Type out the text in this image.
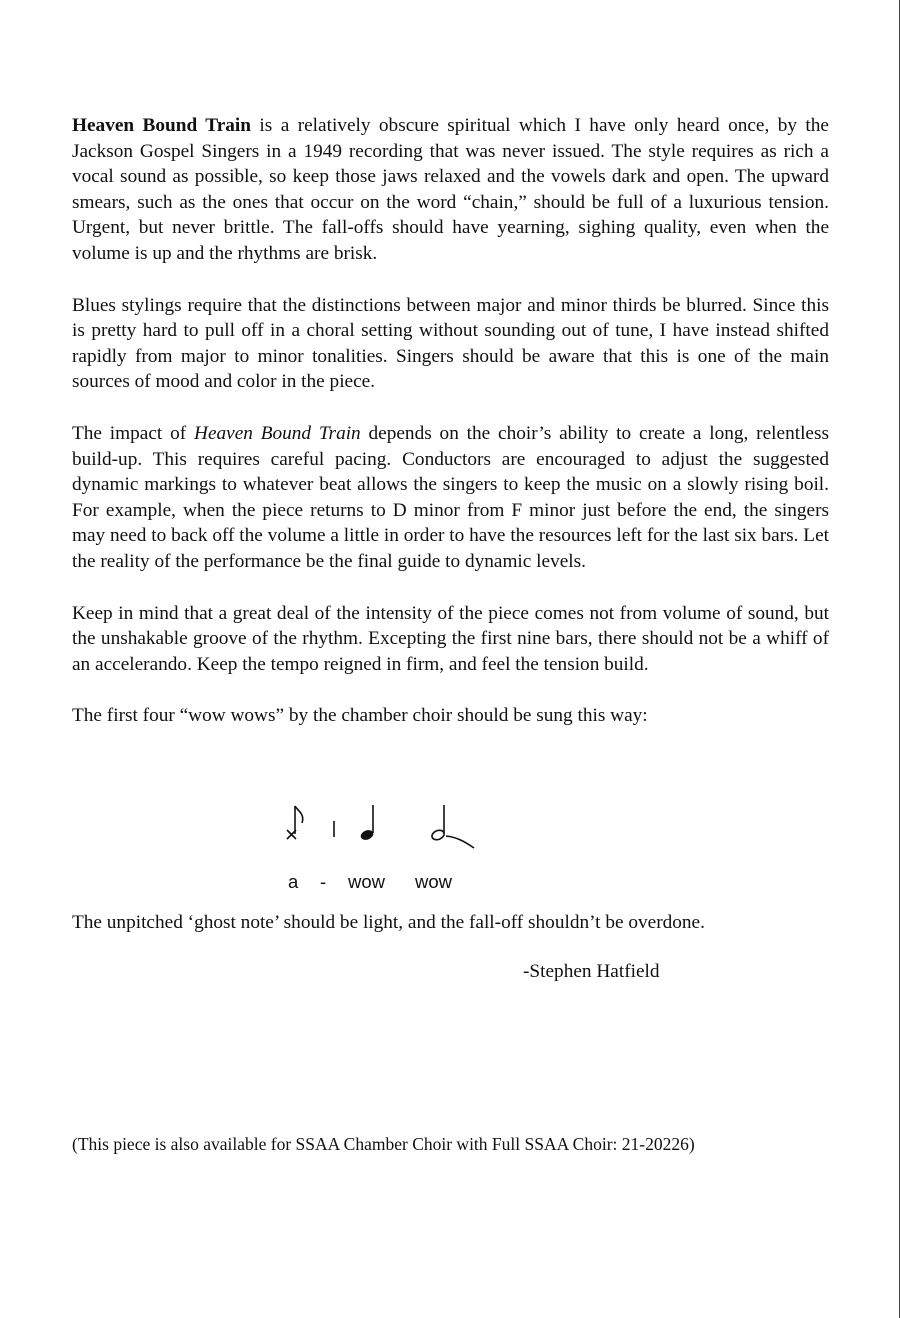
Heaven Bound Train is a relatively obscure spiritual which I have only heard once, by the Jackson Gospel Singers in a 1949 recording that was never issued. The style requires as rich a vocal sound as possible, so keep those jaws relaxed and the vowels dark and open. The upward smears, such as the ones that occur on the word “chain,” should be full of a luxurious tension. Urgent, but never brittle. The fall-offs should have yearning, sighing quality, even when the volume is up and the rhythms are brisk.

Blues stylings require that the distinctions between major and minor thirds be blurred. Since this is pretty hard to pull off in a choral setting without sounding out of tune, I have instead shifted rapidly from major to minor tonalities. Singers should be aware that this is one of the main sources of mood and color in the piece.

The impact of Heaven Bound Train depends on the choir’s ability to create a long, relentless build-up. This requires careful pacing. Conductors are encouraged to adjust the suggested dynamic markings to whatever beat allows the singers to keep the music on a slowly rising boil. For example, when the piece returns to D minor from F minor just before the end, the singers may need to back off the volume a little in order to have the resources left for the last six bars. Let the reality of the performance be the final guide to dynamic levels.

Keep in mind that a great deal of the intensity of the piece comes not from volume of sound, but the unshakable groove of the rhythm. Excepting the first nine bars, there should not be a whiff of an accelerando. Keep the tempo reigned in firm, and feel the tension build.

The first four “wow wows” by the chamber choir should be sung this way:

a - wow wow
The unpitched ‘ghost note’ should be light, and the fall-off shouldn’t be overdone.
-Stephen Hatfield
(This piece is also available for SSAA Chamber Choir with Full SSAA Choir: 21-20226)
